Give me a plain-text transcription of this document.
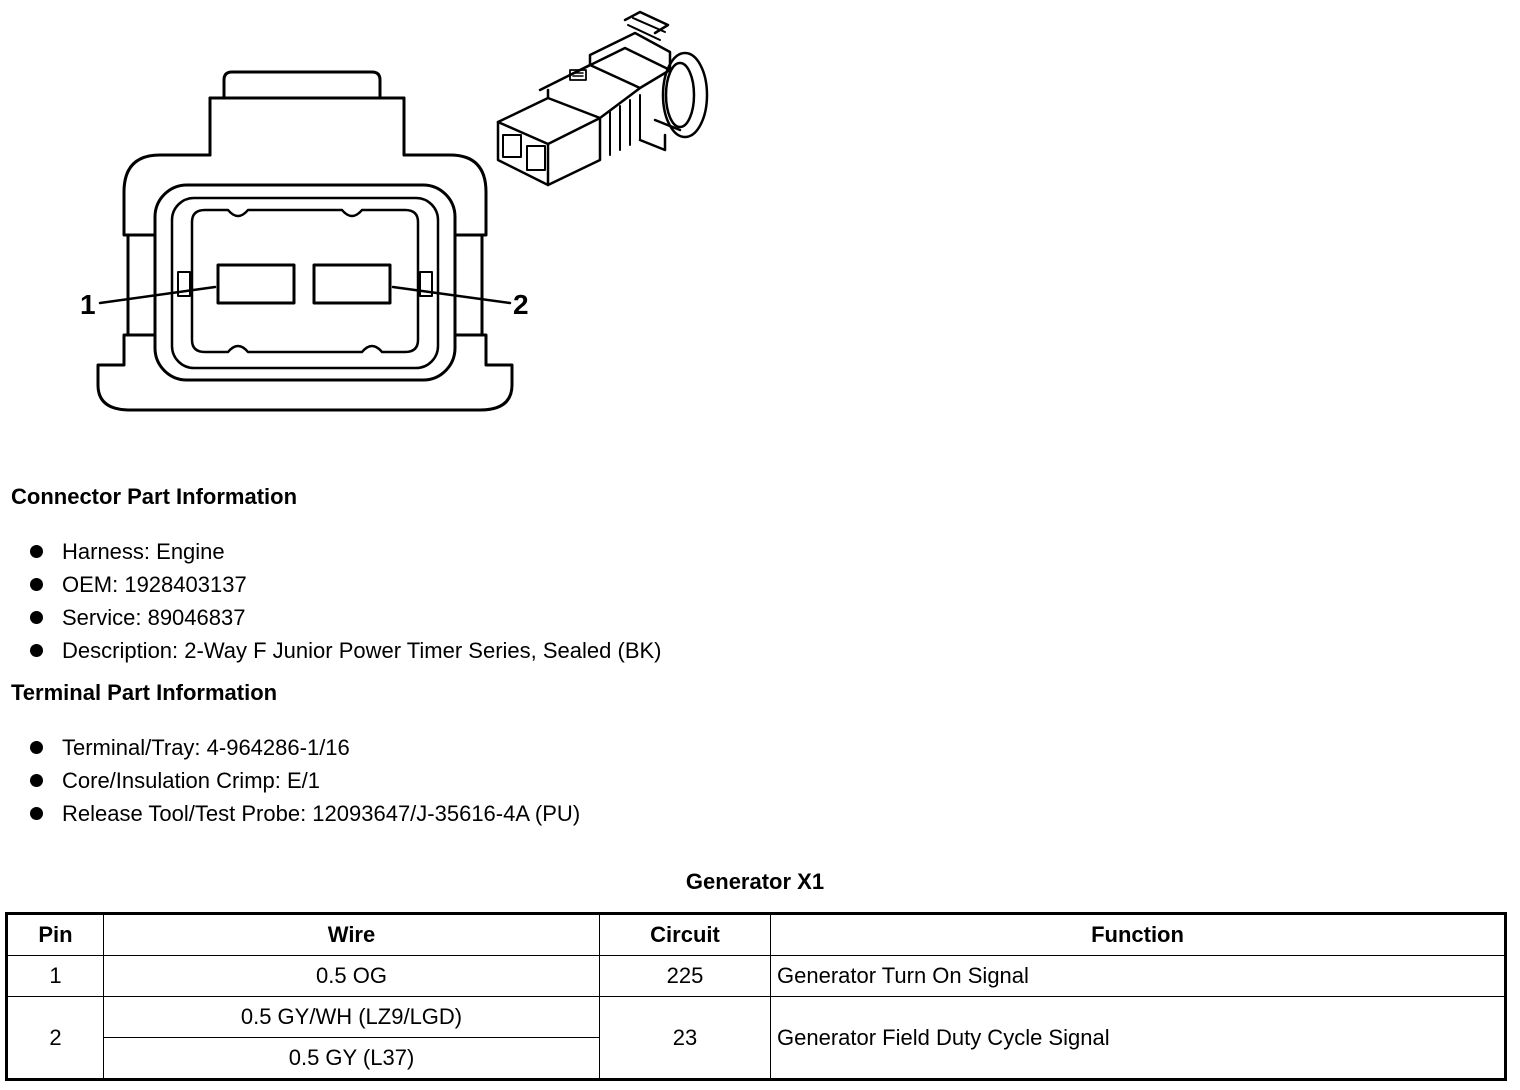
1	2
Connector Part Information
Harness: Engine
OEM: 1928403137
Service: 89046837
Description: 2-Way F Junior Power Timer Series, Sealed (BK)
Terminal Part Information
Terminal/Tray: 4-964286-1/16
Core/Insulation Crimp: E/1
Release Tool/Test Probe: 12093647/J-35616-4A (PU)
Generator X1
Pin	Wire	Circuit	Function
1	0.5 OG	225	Generator Turn On Signal
2	0.5 GY/WH (LZ9/LGD)	23	Generator Field Duty Cycle Signal
	0.5 GY (L37)		
